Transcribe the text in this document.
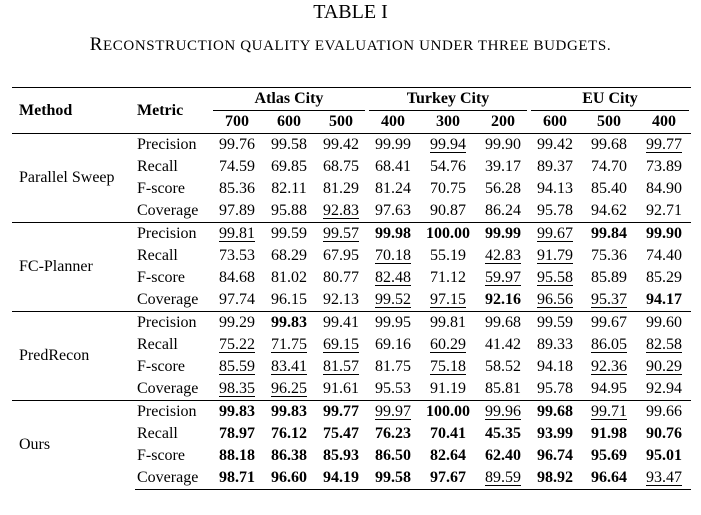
TABLE I
RECONSTRUCTION QUALITY EVALUATION UNDER THREE BUDGETS.
Method	Metric	Atlas City			Turkey City			EU City		

		700	600	500	400	300	200	600	500	400
Parallel Sweep	Precision	99.76	99.58	99.42	99.99	99.94	99.90	99.42	99.68	99.77
	Recall	74.59	69.85	68.75	68.41	54.76	39.17	89.37	74.70	73.89
	F-score	85.36	82.11	81.29	81.24	70.75	56.28	94.13	85.40	84.90
	Coverage	97.89	95.88	92.83	97.63	90.87	86.24	95.78	94.62	92.71
FC-Planner	Precision	99.81	99.59	99.57	99.98	100.00	99.99	99.67	99.84	99.90
	Recall	73.53	68.29	67.95	70.18	55.19	42.83	91.79	75.36	74.40
	F-score	84.68	81.02	80.77	82.48	71.12	59.97	95.58	85.89	85.29
	Coverage	97.74	96.15	92.13	99.52	97.15	92.16	96.56	95.37	94.17
PredRecon	Precision	99.29	99.83	99.41	99.95	99.81	99.68	99.59	99.67	99.60
	Recall	75.22	71.75	69.15	69.16	60.29	41.42	89.33	86.05	82.58
	F-score	85.59	83.41	81.57	81.75	75.18	58.52	94.18	92.36	90.29
	Coverage	98.35	96.25	91.61	95.53	91.19	85.81	95.78	94.95	92.94
Ours	Precision	99.83	99.83	99.77	99.97	100.00	99.96	99.68	99.71	99.66
	Recall	78.97	76.12	75.47	76.23	70.41	45.35	93.99	91.98	90.76
	F-score	88.18	86.38	85.93	86.50	82.64	62.40	96.74	95.69	95.01
	Coverage	98.71	96.60	94.19	99.58	97.67	89.59	98.92	96.64	93.47
